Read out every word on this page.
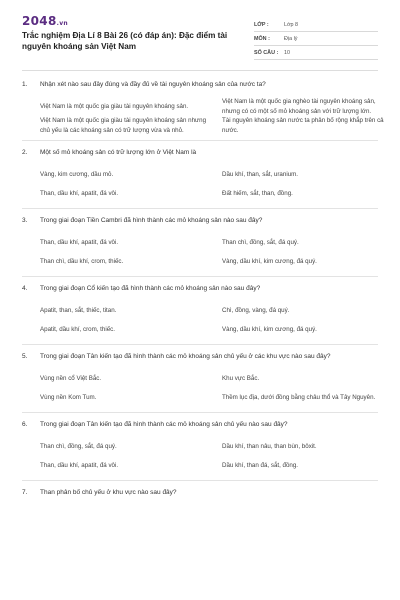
2048.vn
Trắc nghiệm Địa Lí 8 Bài 26 (có đáp án): Đặc điểm tài nguyên khoáng sản Việt Nam
LỚP :	Lớp 8
MÔN :	Địa lý
SỐ CÂU :	10
1.	Nhận xét nào sau đây đúng và đầy đủ về tài nguyên khoáng sản của nước ta?
Việt Nam là một quốc gia giàu tài nguyên khoáng sản.
Việt Nam là một quốc gia nghèo tài nguyên khoáng sản, nhưng có có một số mỏ khoáng sản với trữ lượng lớn.
Việt Nam là một quốc gia giàu tài nguyên khoáng sản nhưng chủ yếu là các khoáng sản có trữ lượng vừa và nhỏ.
Tài nguyên khoáng sản nước ta phân bố rộng khắp trên cả nước.
2.	Một số mỏ khoáng sản có trữ lượng lớn ở Việt Nam là
Vàng, kim cương, dầu mỏ.	Dầu khí, than, sắt, uranium.
Than, dầu khí, apatit, đá vôi.	Đất hiếm, sắt, than, đồng.
3.	Trong giai đoạn Tiền Cambri đã hình thành các mỏ khoáng sản nào sau đây?
Than, dầu khí, apatit, đá vôi.	Than chì, đồng, sắt, đá quý.
Than chì, dầu khí, crom, thiếc.	Vàng, dầu khí, kim cương, đá quý.
4.	Trong giai đoạn Cổ kiến tạo đã hình thành các mỏ khoáng sản nào sau đây?
Apatit, than, sắt, thiếc, titan.	Chì, đồng, vàng, đá quý.
Apatit, dầu khí, crom, thiếc.	Vàng, dầu khí, kim cương, đá quý.
5.	Trong giai đoạn Tân kiến tạo đã hình thành các mỏ khoáng sản chủ yếu ở các khu vực nào sau đây?
Vùng nền cổ Việt Bắc.	Khu vực Bắc.
Vùng nền Kom Tum.	Thềm lục địa, dưới đồng bằng châu thổ và Tây Nguyên.
6.	Trong giai đoạn Tân kiến tạo đã hình thành các mỏ khoáng sản chủ yếu nào sau đây?
Than chì, đồng, sắt, đá quý.	Dầu khí, than nâu, than bùn, bôxit.
Than, dầu khí, apatit, đá vôi.	Dầu khí, than đá, sắt, đồng.
7.	Than phân bố chủ yếu ở khu vực nào sau đây?
